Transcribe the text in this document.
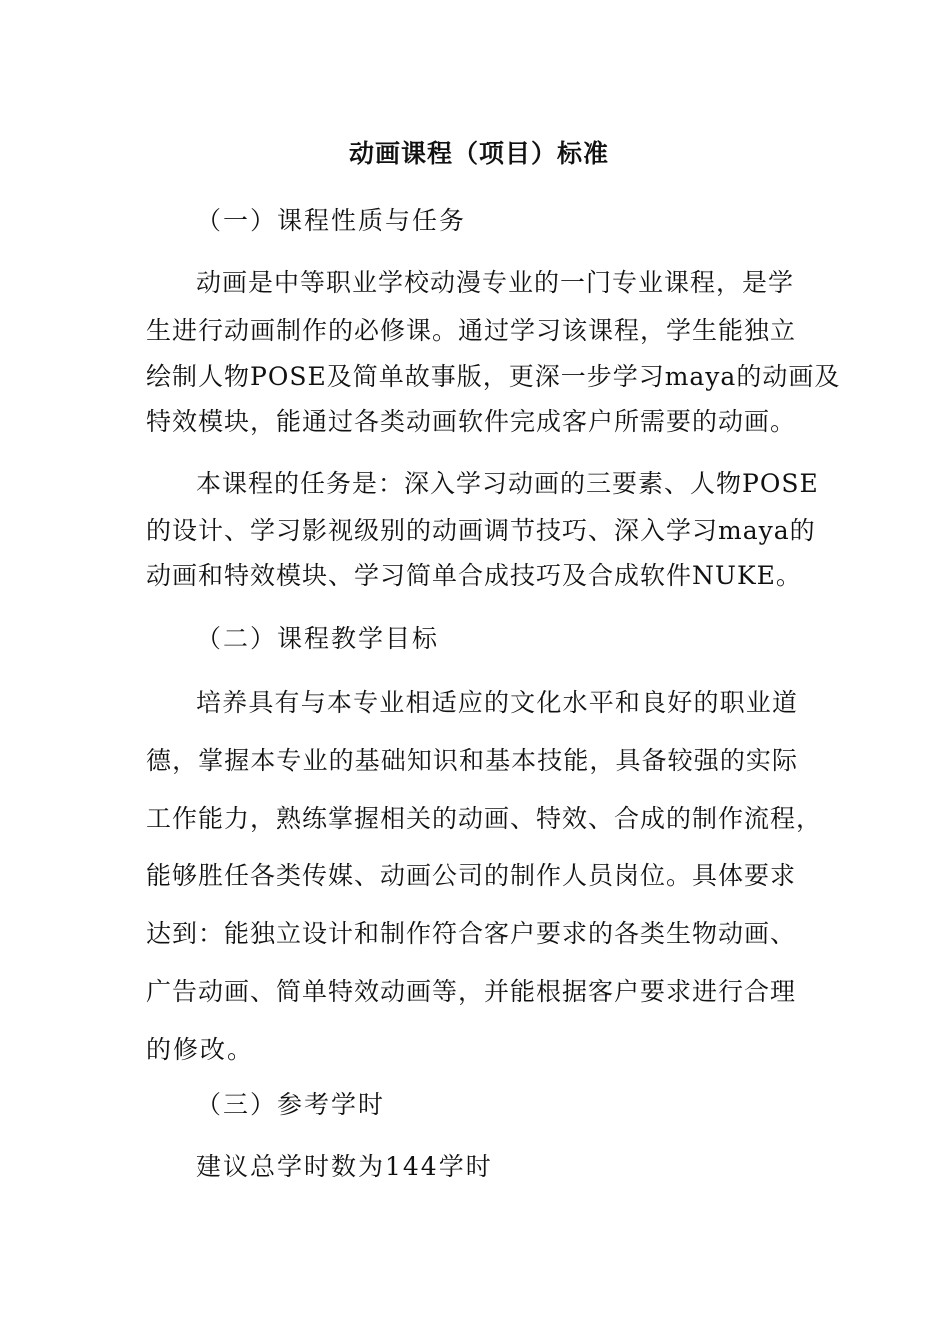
动画课程（项目）标准
（一）课程性质与任务
动画是中等职业学校动漫专业的一门专业课程，是学
生进行动画制作的必修课。通过学习该课程，学生能独立
绘制人物POSE及简单故事版，更深一步学习maya的动画及
特效模块，能通过各类动画软件完成客户所需要的动画。
本课程的任务是：深入学习动画的三要素、人物POSE
的设计、学习影视级别的动画调节技巧、深入学习maya的
动画和特效模块、学习简单合成技巧及合成软件NUKE。
（二）课程教学目标
培养具有与本专业相适应的文化水平和良好的职业道
德，掌握本专业的基础知识和基本技能，具备较强的实际
工作能力，熟练掌握相关的动画、特效、合成的制作流程，
能够胜任各类传媒、动画公司的制作人员岗位。具体要求
达到：能独立设计和制作符合客户要求的各类生物动画、
广告动画、简单特效动画等，并能根据客户要求进行合理
的修改。
（三）参考学时
建议总学时数为144学时
